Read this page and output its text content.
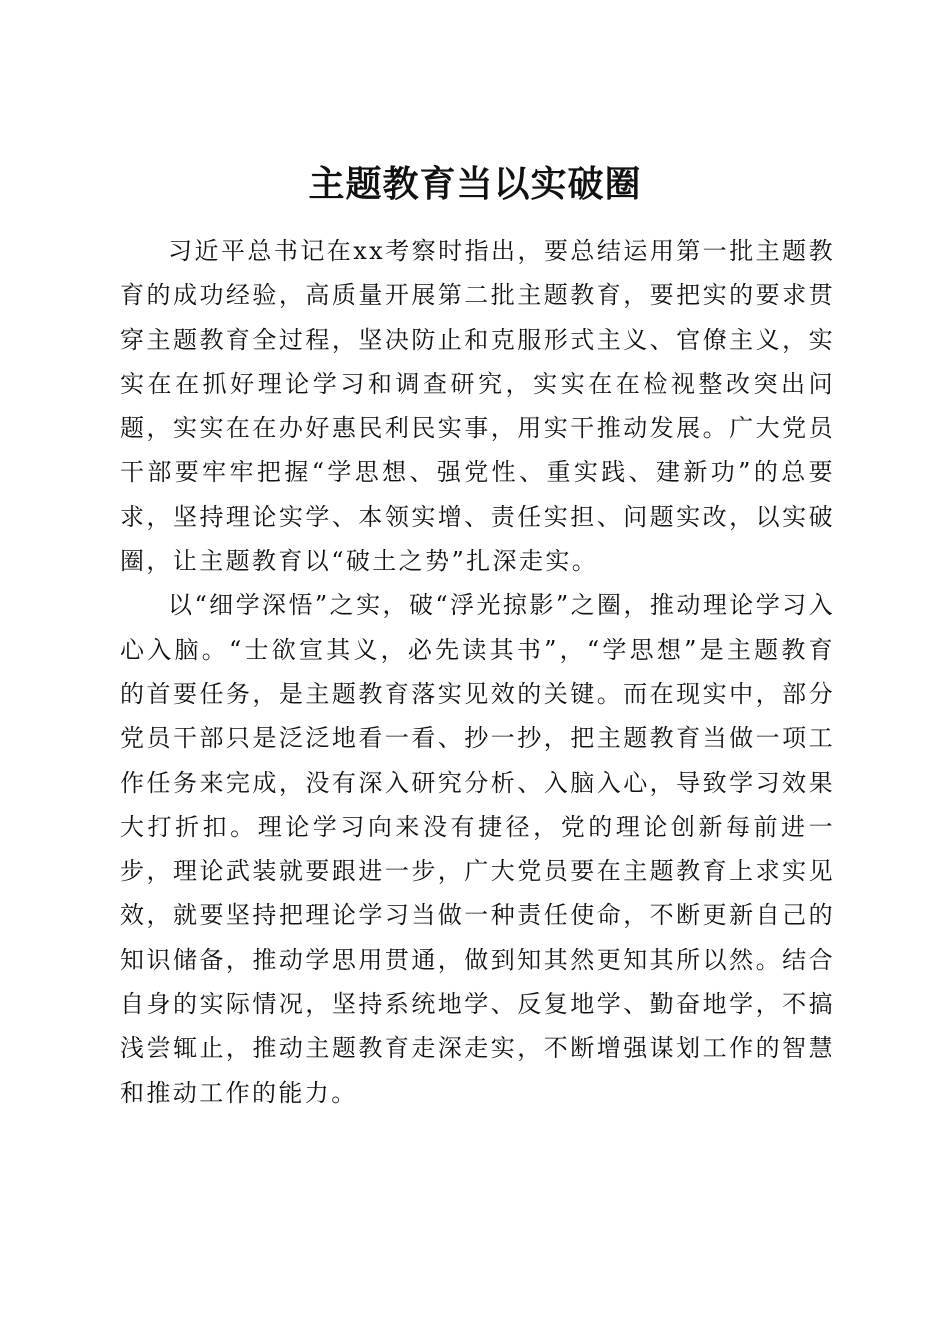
主题教育当以实破圈

习近平总书记在xx考察时指出，要总结运用第一批主题教育的成功经验，高质量开展第二批主题教育，要把实的要求贯穿主题教育全过程，坚决防止和克服形式主义、官僚主义，实实在在抓好理论学习和调查研究，实实在在检视整改突出问题，实实在在办好惠民利民实事，用实干推动发展。广大党员干部要牢牢把握“学思想、强党性、重实践、建新功”的总要求，坚持理论实学、本领实增、责任实担、问题实改，以实破圈，让主题教育以“破土之势”扎深走实。

以“细学深悟”之实，破“浮光掠影”之圈，推动理论学习入心入脑。“士欲宣其义，必先读其书”，“学思想”是主题教育的首要任务，是主题教育落实见效的关键。而在现实中，部分党员干部只是泛泛地看一看、抄一抄，把主题教育当做一项工作任务来完成，没有深入研究分析、入脑入心，导致学习效果大打折扣。理论学习向来没有捷径，党的理论创新每前进一步，理论武装就要跟进一步，广大党员要在主题教育上求实见效，就要坚持把理论学习当做一种责任使命，不断更新自己的知识储备，推动学思用贯通，做到知其然更知其所以然。结合自身的实际情况，坚持系统地学、反复地学、勤奋地学，不搞浅尝辄止，推动主题教育走深走实，不断增强谋划工作的智慧和推动工作的能力。
